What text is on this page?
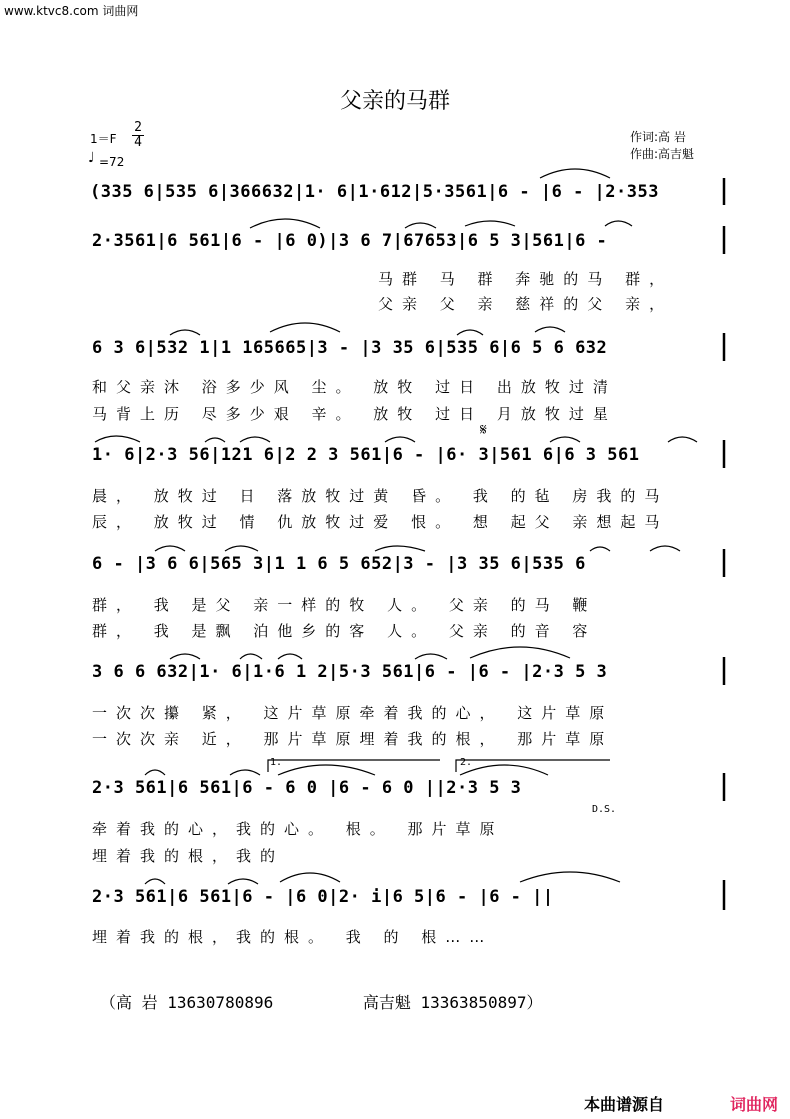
www.ktvc8.com 词曲网
父亲的马群
1＝F
2
4
♩ =72
作词:高 岩
作曲:高吉魁
(335 6|535 6|366632|1· 6|1·612|5·3561|6 - |6 - |2·353
2·3561|6 561|6 - |6 0)|3 6 7|67653|6 5 3|561|6 -
马群 马 群 奔驰的马 群，
父亲 父 亲 慈祥的父 亲，
6 3 6|532 1|1 165665|3 - |3 35 6|535 6|6 5 6 632
和父亲沐 浴多少风 尘。 放牧 过日 出放牧过清
马背上历 尽多少艰 辛。 放牧 过日 月放牧过星
𝄋
1· 6|2·3 56|121 6|2 2 3 561|6 - |6· 3|561 6|6 3 561
晨， 放牧过 日 落放牧过黄 昏。 我 的毡 房我的马
辰， 放牧过 情 仇放牧过爱 恨。 想 起父 亲想起马
6 - |3 6 6|565 3|1 1 6 5 652|3 - |3 35 6|535 6
群， 我 是父 亲一样的牧 人。 父亲 的马 鞭
群， 我 是飘 泊他乡的客 人。 父亲 的音 容
3 6 6 632|1· 6|1·6 1 2|5·3 561|6 - |6 - |2·3 5 3
一次次攥 紧， 这片草原牵着我的心， 这片草原
一次次亲 近， 那片草原埋着我的根， 那片草原
1.	2.
2·3 561|6 561|6 - 6 0 |6 - 6 0 ||2·3 5 3
D.S.
牵着我的心，我的心。 根。 那片草原
埋着我的根，我的
2·3 561|6 561|6 - |6 0|2· i|6 5|6 - |6 - ||
埋着我的根，我的根。 我 的 根……
（高 岩 13630780896	高吉魁 13363850897）
本曲谱源自	词曲网
